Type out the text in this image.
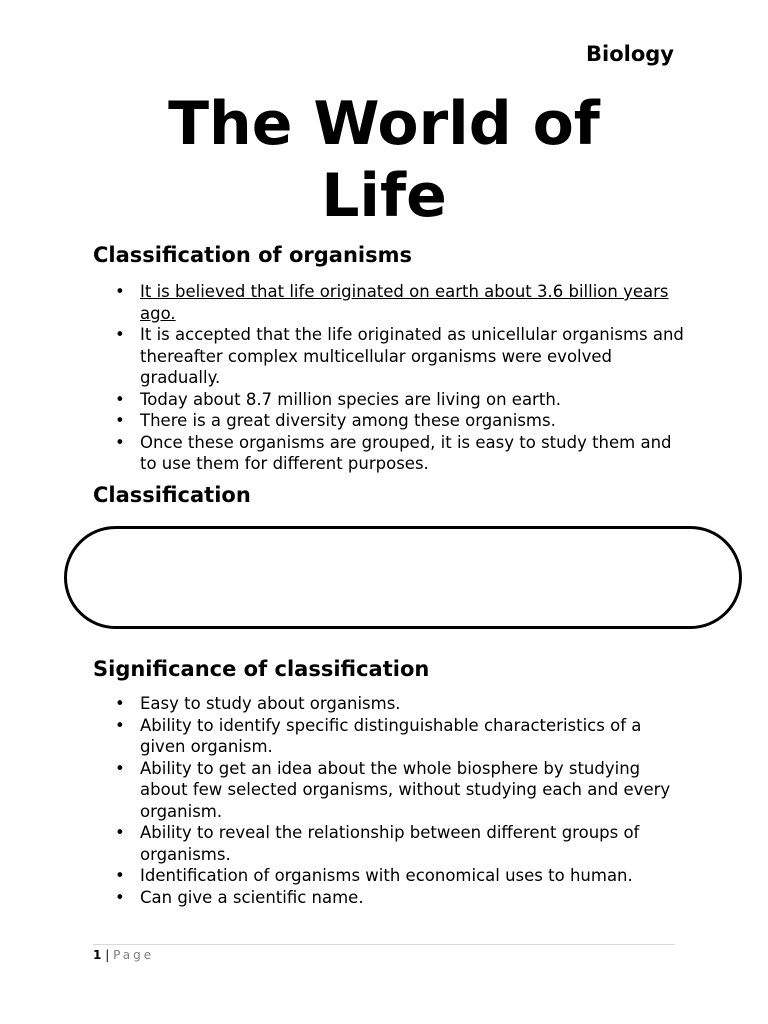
Biology
The World of
Life
Classification of organisms
• It is believed that life originated on earth about 3.6 billion years ago.
• It is accepted that the life originated as unicellular organisms and thereafter complex multicellular organisms were evolved gradually.
• Today about 8.7 million species are living on earth.
• There is a great diversity among these organisms.
• Once these organisms are grouped, it is easy to study them and to use them for different purposes.
Classification
Significance of classification
• Easy to study about organisms.
• Ability to identify specific distinguishable characteristics of a given organism.
• Ability to get an idea about the whole biosphere by studying about few selected organisms, without studying each and every organism.
• Ability to reveal the relationship between different groups of organisms.
• Identification of organisms with economical uses to human.
• Can give a scientific name.
1 | Page
